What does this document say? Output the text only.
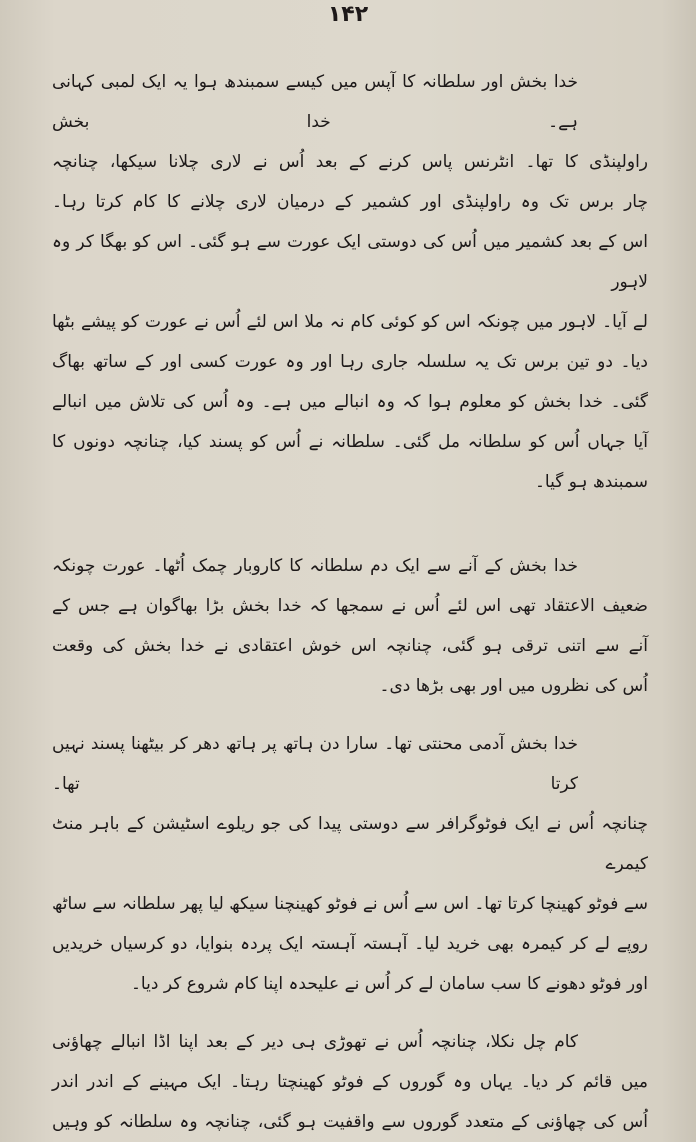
۱۴۲
خدا بخش اور سلطانہ کا آپس میں کیسے سمبندھ ہوا یہ ایک لمبی کہانی ہے۔ خدا بخش
راولپنڈی کا تھا۔ انٹرنس پاس کرنے کے بعد اُس نے لاری چلانا سیکھا، چنانچہ
چار برس تک وہ راولپنڈی اور کشمیر کے درمیان لاری چلانے کا کام کرتا رہا۔
اس کے بعد کشمیر میں اُس کی دوستی ایک عورت سے ہو گئی۔ اس کو بھگا کر وہ لاہور
لے آیا۔ لاہور میں چونکہ اس کو کوئی کام نہ ملا اس لئے اُس نے عورت کو پیشے بٹھا
دیا۔ دو تین برس تک یہ سلسلہ جاری رہا اور وہ عورت کسی اور کے ساتھ بھاگ
گئی۔ خدا بخش کو معلوم ہوا کہ وہ انبالے میں ہے۔ وہ اُس کی تلاش میں انبالے
آیا جہاں اُس کو سلطانہ مل گئی۔ سلطانہ نے اُس کو پسند کیا، چنانچہ دونوں کا
سمبندھ ہو گیا۔
خدا بخش کے آنے سے ایک دم سلطانہ کا کاروبار چمک اُٹھا۔ عورت چونکہ
ضعیف الاعتقاد تھی اس لئے اُس نے سمجھا کہ خدا بخش بڑا بھاگوان ہے جس کے
آنے سے اتنی ترقی ہو گئی، چنانچہ اس خوش اعتقادی نے خدا بخش کی وقعت
اُس کی نظروں میں اور بھی بڑھا دی۔
خدا بخش آدمی محنتی تھا۔ سارا دن ہاتھ پر ہاتھ دھر کر بیٹھنا پسند نہیں کرتا تھا۔
چنانچہ اُس نے ایک فوٹوگرافر سے دوستی پیدا کی جو ریلوے اسٹیشن کے باہر منٹ کیمرے
سے فوٹو کھینچا کرتا تھا۔ اس سے اُس نے فوٹو کھینچنا سیکھ لیا پھر سلطانہ سے ساٹھ
روپے لے کر کیمرہ بھی خرید لیا۔ آہستہ آہستہ ایک پردہ بنوایا، دو کرسیاں خریدیں
اور فوٹو دھونے کا سب سامان لے کر اُس نے علیحدہ اپنا کام شروع کر دیا۔
کام چل نکلا، چنانچہ اُس نے تھوڑی ہی دیر کے بعد اپنا اڈا انبالے چھاؤنی
میں قائم کر دیا۔ یہاں وہ گوروں کے فوٹو کھینچتا رہتا۔ ایک مہینے کے اندر اندر
اُس کی چھاؤنی کے متعدد گوروں سے واقفیت ہو گئی، چنانچہ وہ سلطانہ کو وہیں
